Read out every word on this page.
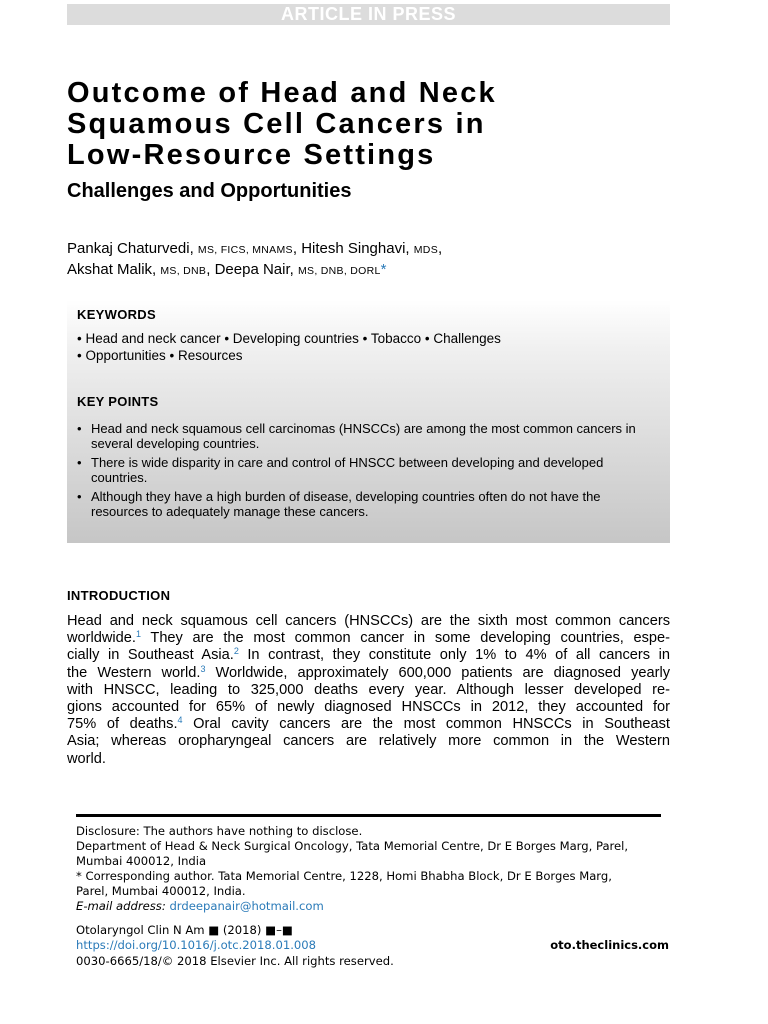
ARTICLE IN PRESS
Outcome of Head and Neck
Squamous Cell Cancers in
Low-Resource Settings
Challenges and Opportunities
Pankaj Chaturvedi, MS, FICS, MNAMS, Hitesh Singhavi, MDS,
Akshat Malik, MS, DNB, Deepa Nair, MS, DNB, DORL*
KEYWORDS
• Head and neck cancer • Developing countries • Tobacco • Challenges
• Opportunities • Resources
KEY POINTS
• Head and neck squamous cell carcinomas (HNSCCs) are among the most common cancers in several developing countries.
• There is wide disparity in care and control of HNSCC between developing and developed countries.
• Although they have a high burden of disease, developing countries often do not have the resources to adequately manage these cancers.
INTRODUCTION
Head and neck squamous cell cancers (HNSCCs) are the sixth most common cancers
worldwide.$^1$ They are the most common cancer in some developing countries, espe-
cially in Southeast Asia.$^2$ In contrast, they constitute only 1% to 4% of all cancers in
the Western world.$^3$ Worldwide, approximately 600,000 patients are diagnosed yearly
with HNSCC, leading to 325,000 deaths every year. Although lesser developed re-
gions accounted for 65% of newly diagnosed HNSCCs in 2012, they accounted for
75% of deaths.$^4$ Oral cavity cancers are the most common HNSCCs in Southeast
Asia; whereas oropharyngeal cancers are relatively more common in the Western
world.
Disclosure: The authors have nothing to disclose.
Department of Head & Neck Surgical Oncology, Tata Memorial Centre, Dr E Borges Marg, Parel,
Mumbai 400012, India
* Corresponding author. Tata Memorial Centre, 1228, Homi Bhabha Block, Dr E Borges Marg,
Parel, Mumbai 400012, India.
E-mail address: drdeepanair@hotmail.com
Otolaryngol Clin N Am ■ (2018) ■–■
https://doi.org/10.1016/j.otc.2018.01.008
0030-6665/18/© 2018 Elsevier Inc. All rights reserved.
oto.theclinics.com
